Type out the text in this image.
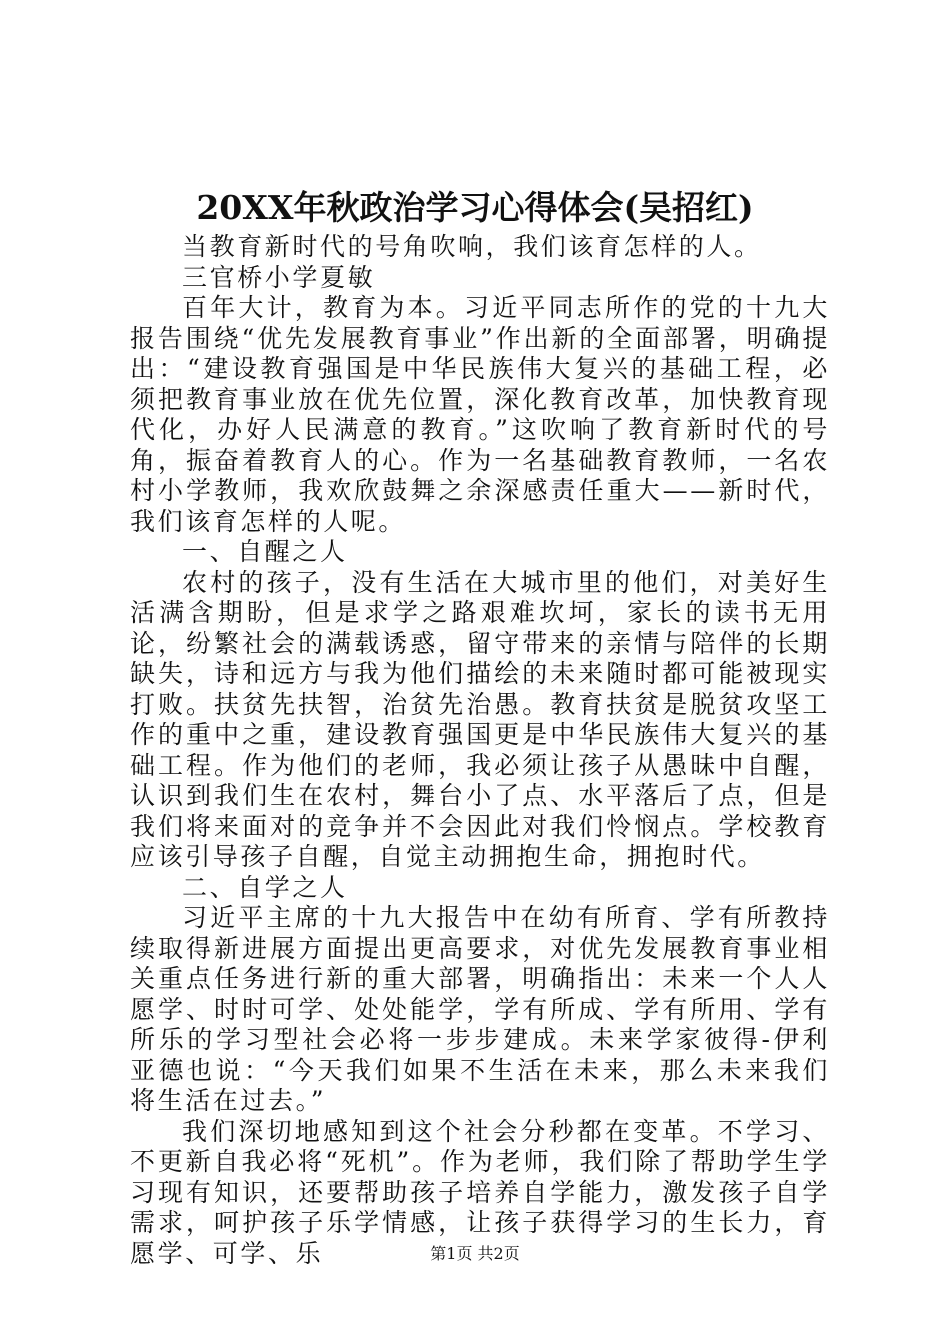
20XX年秋政治学习心得体会(吴招红)

当教育新时代的号角吹响，我们该育怎样的人。

三官桥小学夏敏

百年大计，教育为本。习近平同志所作的党的十九大报告围绕“优先发展教育事业”作出新的全面部署，明确提出：“建设教育强国是中华民族伟大复兴的基础工程，必须把教育事业放在优先位置，深化教育改革，加快教育现代化，办好人民满意的教育。”这吹响了教育新时代的号角，振奋着教育人的心。作为一名基础教育教师，一名农村小学教师，我欢欣鼓舞之余深感责任重大——新时代，我们该育怎样的人呢。

一、自醒之人

农村的孩子，没有生活在大城市里的他们，对美好生活满含期盼，但是求学之路艰难坎坷，家长的读书无用论，纷繁社会的满载诱惑，留守带来的亲情与陪伴的长期缺失，诗和远方与我为他们描绘的未来随时都可能被现实打败。扶贫先扶智，治贫先治愚。教育扶贫是脱贫攻坚工作的重中之重，建设教育强国更是中华民族伟大复兴的基础工程。作为他们的老师，我必须让孩子从愚昧中自醒，认识到我们生在农村，舞台小了点、水平落后了点，但是我们将来面对的竞争并不会因此对我们怜悯点。学校教育应该引导孩子自醒，自觉主动拥抱生命，拥抱时代。

二、自学之人

习近平主席的十九大报告中在幼有所育、学有所教持续取得新进展方面提出更高要求，对优先发展教育事业相关重点任务进行新的重大部署，明确指出：未来一个人人愿学、时时可学、处处能学，学有所成、学有所用、学有所乐的学习型社会必将一步步建成。未来学家彼得-伊利亚德也说：“今天我们如果不生活在未来，那么未来我们将生活在过去。”

我们深切地感知到这个社会分秒都在变革。不学习、不更新自我必将“死机”。作为老师，我们除了帮助学生学习现有知识，还要帮助孩子培养自学能力，激发孩子自学需求，呵护孩子乐学情感，让孩子获得学习的生长力，育愿学、可学、乐	第1页 共2页
